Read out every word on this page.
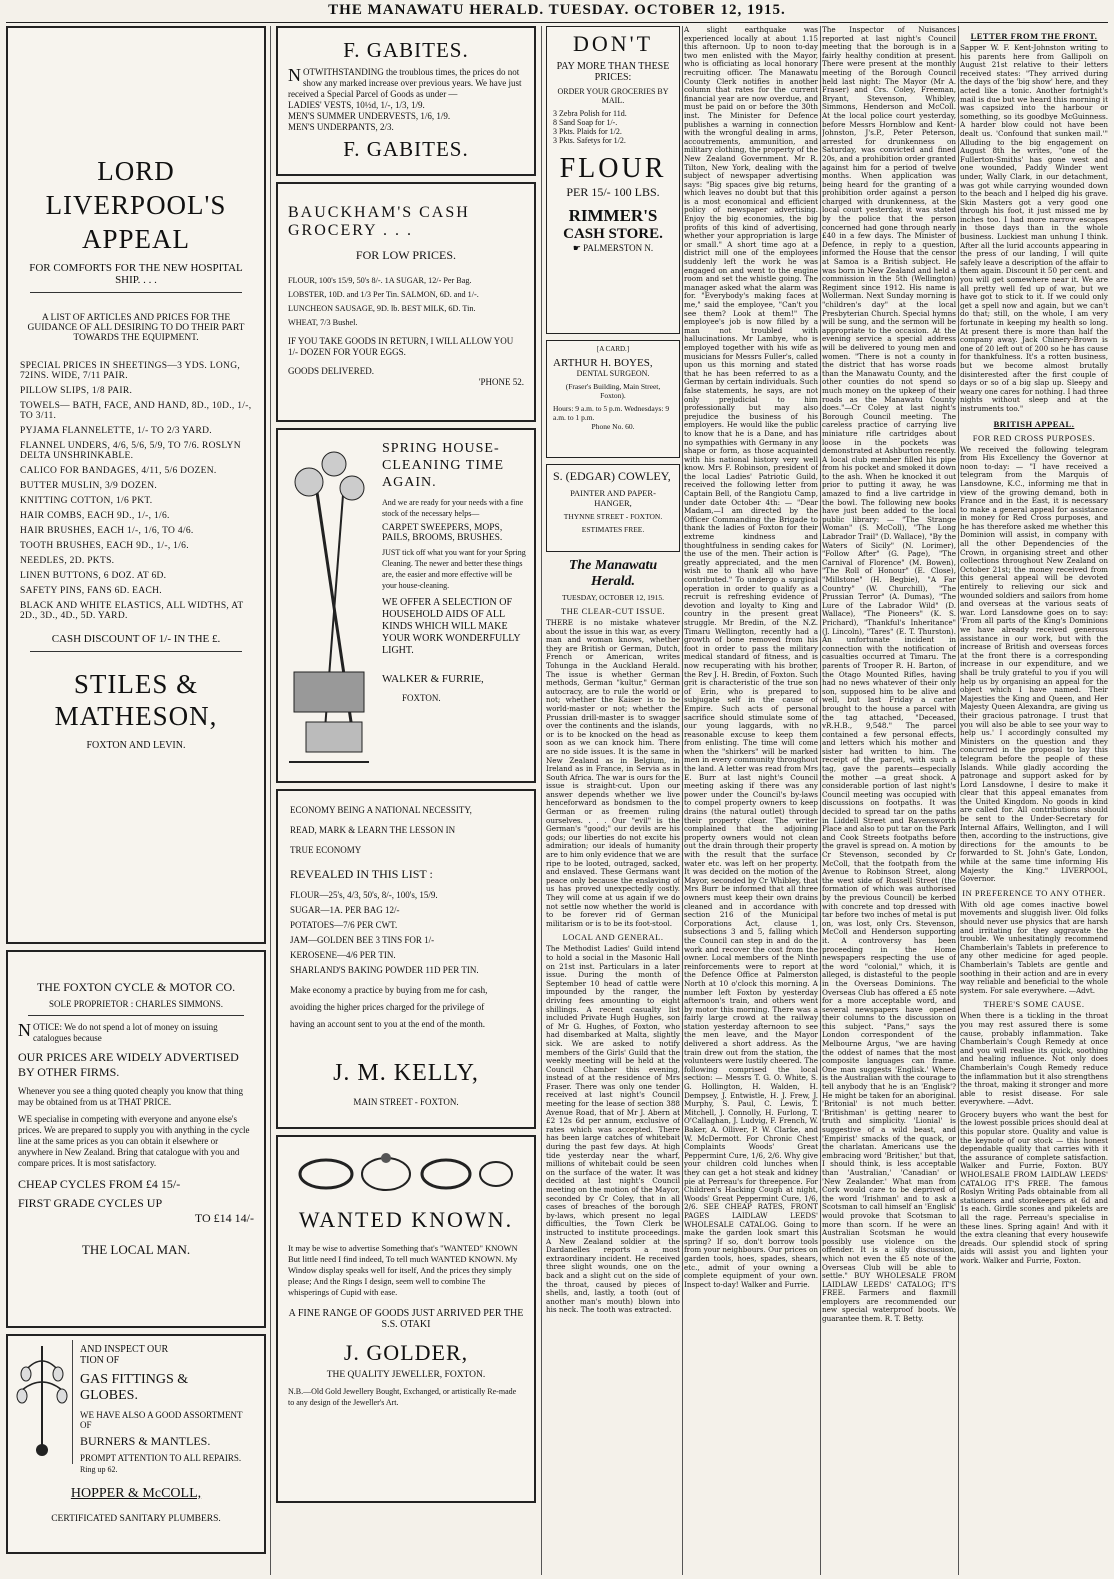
THE MANAWATU HERALD. TUESDAY. OCTOBER 12, 1915.
LORD LIVERPOOL'S APPEAL
FOR COMFORTS FOR THE NEW HOSPITAL SHIP. . . .
A LIST OF ARTICLES AND PRICES FOR THE GUIDANCE OF ALL DESIRING TO DO THEIR PART TOWARDS THE EQUIPMENT.
SPECIAL PRICES IN SHEETINGS—3 YDS. LONG, 72INS. WIDE, 7/11 PAIR.
PILLOW SLIPS, 1/8 PAIR.
TOWELS— BATH, FACE, AND HAND, 8D., 10D., 1/-, TO 3/11.
PYJAMA FLANNELETTE, 1/- TO 2/3 YARD.
FLANNEL UNDERS, 4/6, 5/6, 5/9, TO 7/6. ROSLYN DELTA UNSHRINKABLE.
CALICO FOR BANDAGES, 4/11, 5/6 DOZEN.
BUTTER MUSLIN, 3/9 DOZEN.
KNITTING COTTON, 1/6 PKT.
HAIR COMBS, EACH 9D., 1/-, 1/6.
HAIR BRUSHES, EACH 1/-, 1/6, TO 4/6.
TOOTH BRUSHES, EACH 9D., 1/-, 1/6.
NEEDLES, 2D. PKTS.
LINEN BUTTONS, 6 DOZ. AT 6D.
SAFETY PINS, FANS 6D. EACH.
BLACK AND WHITE ELASTICS, ALL WIDTHS, AT 2D., 3D., 4D., 5D. YARD.
CASH DISCOUNT OF 1/- IN THE £.
STILES & MATHESON,
FOXTON AND LEVIN.
THE FOXTON CYCLE & MOTOR CO.
SOLE PROPRIETOR : CHARLES SIMMONS.
NOTICE: We do not spend a lot of money on issuing catalogues because
OUR PRICES ARE WIDELY ADVERTISED BY OTHER FIRMS.
Whenever you see a thing quoted cheaply you know that thing may be obtained from us at THAT PRICE.
WE specialise in competing with everyone and anyone else's prices. We are prepared to supply you with anything in the cycle line at the same prices as you can obtain it elsewhere or anywhere in New Zealand. Bring that catalogue with you and compare prices. It is most satisfactory.
CHEAP CYCLES FROM £4 15/-
FIRST GRADE CYCLES UP
TO £14 14/-
THE LOCAL MAN.
AND INSPECT OUR
TION OF
GAS FITTINGS &
GLOBES.
WE HAVE ALSO A GOOD ASSORTMENT OF
BURNERS & MANTLES.
PROMPT ATTENTION TO ALL REPAIRS.
Ring up 62.
HOPPER & McCOLL,
CERTIFICATED SANITARY PLUMBERS.
F. GABITES.
NOTWITHSTANDING the troublous times, the prices do not show any marked increase over previous years. We have just received a Special Parcel of Goods as under —
LADIES' VESTS, 10½d, 1/-, 1/3, 1/9.
MEN'S SUMMER UNDERVESTS, 1/6, 1/9.
MEN'S UNDERPANTS, 2/3.
F. GABITES.
BAUCKHAM'S CASH GROCERY . . .
FOR LOW PRICES.
FLOUR, 100's 15/9, 50's 8/-. 1A SUGAR, 12/- Per Bag.
LOBSTER, 10D. and 1/3 Per Tin. SALMON, 6D. and 1/-.
LUNCHEON SAUSAGE, 9D. lb. BEST MILK, 6D. Tin.
WHEAT, 7/3 Bushel.
IF YOU TAKE GOODS IN RETURN, I WILL ALLOW YOU 1/- DOZEN FOR YOUR EGGS.
GOODS DELIVERED.
'PHONE 52.
SPRING HOUSE-CLEANING TIME AGAIN.
And we are ready for your needs with a fine stock of the necessary helps—
CARPET SWEEPERS, MOPS, PAILS, BROOMS, BRUSHES.
JUST tick off what you want for your Spring Cleaning. The newer and better these things are, the easier and more effective will be your house-cleaning.
WE OFFER A SELECTION OF HOUSEHOLD AIDS OF ALL KINDS WHICH WILL MAKE YOUR WORK WONDERFULLY LIGHT.
WALKER & FURRIE,
FOXTON.
ECONOMY BEING A NATIONAL NECESSITY,
READ, MARK & LEARN THE LESSON IN
TRUE ECONOMY
REVEALED IN THIS LIST :
FLOUR—25's, 4/3, 50's, 8/-, 100's, 15/9.
SUGAR—1A. PER BAG 12/-
POTATOES—7/6 PER CWT.
JAM—GOLDEN BEE 3 TINS FOR 1/-
KEROSENE—4/6 PER TIN.
SHARLAND'S BAKING POWDER 11D PER TIN.
Make economy a practice by buying from me for cash,
avoiding the higher prices charged for the privilege of
having an account sent to you at the end of the month.
J. M. KELLY,
MAIN STREET - FOXTON.
WANTED KNOWN.
It may be wise to advertise Something that's "WANTED" KNOWN But little need I find indeed, To tell much WANTED KNOWN. My Window display speaks well for itself, And the prices they simply please; And the Rings I design, seem well to combine The whisperings of Cupid with ease.
A FINE RANGE OF GOODS JUST ARRIVED PER THE S.S. OTAKI
J. GOLDER,
THE QUALITY JEWELLER, FOXTON.
N.B.—Old Gold Jewellery Bought, Exchanged, or artistically Re-made to any design of the Jeweller's Art.
DON'T
PAY MORE THAN THESE PRICES:
ORDER YOUR GROCERIES BY MAIL.
3 Zebra Polish for 11d.
8 Sand Soap for 1/-.
3 Pkts. Plaids for 1/2.
3 Pkts. Safetys for 1/2.
FLOUR
PER 15/- 100 LBS.
RIMMER'S
CASH STORE.
☛ PALMERSTON N.
[A CARD.]
ARTHUR H. BOYES,
DENTAL SURGEON.
(Fraser's Building, Main Street, Foxton).
Hours: 9 a.m. to 5 p.m. Wednesdays: 9 a.m. to 1 p.m.
Phone No. 60.
S. (EDGAR) COWLEY,
PAINTER AND PAPER-HANGER,
THYNNE STREET - FOXTON.
ESTIMATES FREE.
The Manawatu Herald.
TUESDAY, OCTOBER 12, 1915.
THE CLEAR-CUT ISSUE.
THERE is no mistake whatever about the issue in this war, as every man and woman knows, whether they are British or German, Dutch, French or American, writes Tohunga in the Auckland Herald. The issue is whether German methods, German "kultur," German autocracy, are to rule the world or not; whether the Kaiser is to be world-master or not; whether the Prussian drill-master is to swagger over the continents and the islands, or is to be knocked on the head as soon as we can knock him. There are no side issues. It is the same in New Zealand as in Belgium, in Ireland as in France, in Servia as in South Africa. The war is ours for the issue is straight-cut. Upon our answer depends whether we live henceforward as bondsmen to the German or as freemen ruling ourselves. . . . Our "evil" is the German's "good;" our devils are his gods; our liberties do not excite his admiration; our ideals of humanity are to him only evidence that we are ripe to be looted, outraged, sacked, and enslaved. These Germans want peace only because the enslaving of us has proved unexpectedly costly. They will come at us again if we do not settle now whether the world is to be forever rid of German militarism or is to be its foot-stool.
LOCAL AND GENERAL.
The Methodist Ladies' Guild intend to hold a social in the Masonic Hall on 21st inst. Particulars in a later issue. During the month of September 10 head of cattle were impounded by the ranger, the driving fees amounting to eight shillings. A recent casualty list included Private Hugh Hughes, son of Mr G. Hughes, of Foxton, who had disembarked at Malta, slightly sick. We are asked to notify members of the Girls' Guild that the weekly meeting will be held at the Council Chamber this evening, instead of at the residence of Mrs Fraser. There was only one tender received at last night's Council meeting for the lease of section 388 Avenue Road, that of Mr J. Abern at £2 12s 6d per annum, exclusive of rates which was accepted. There has been large catches of whitebait during the past few days. At high tide yesterday near the wharf, millions of whitebait could be seen on the surface of the water. It was decided at last night's Council meeting on the motion of the Mayor, seconded by Cr Coley, that in all cases of breaches of the borough by-laws, which present no legal difficulties, the Town Clerk be instructed to institute proceedings. A New Zealand soldier at the Dardanelles reports a most extraordinary incident. He received three slight wounds, one on the back and a slight cut on the side of the throat, caused by pieces of shells, and, lastly, a tooth (out of another man's mouth) blown into his neck. The tooth was extracted.
A slight earthquake was experienced locally at about 1.15 this afternoon. Up to noon to-day two men enlisted with the Mayor, who is officiating as local honorary recruiting officer. The Manawatu County Clerk notifies in another column that rates for the current financial year are now overdue, and must be paid on or before the 30th inst. The Minister for Defence publishes a warning in connection with the wrongful dealing in arms, accoutrements, ammunition, and military clothing, the property of the New Zealand Government. Mr R. Tilton, New York, dealing with the subject of newspaper advertising says: "Big spaces give big returns, which leaves no doubt but that this is a most economical and efficient policy of newspaper advertising. Enjoy the big economies, the big profits of this kind of advertising, whether your appropriation is large or small." A short time ago at a district mill one of the employees suddenly left the work he was engaged on and went to the engine room and set the whistle going. The manager asked what the alarm was for. "Everybody's making faces at me," said the employee, "Can't you see them? Look at them!" The employee's job is now filled by a man not troubled with hallucinations. Mr Lambye, who is employed together with his wife as musicians for Messrs Fuller's, called upon us this morning and stated that he has been referred to as a German by certain individuals. Such false statements, he says, are not only prejudicial to him professionally but may also prejudice the business of his employers. He would like the public to know that he is a Dane, and has no sympathies with Germany in any shape or form, as those acquainted with his national history very well know. Mrs F. Robinson, president of the local Ladies' Patriotic Guild, received the following letter from Captain Bell, of the Rangiotu Camp, under date October 4th: — "Dear Madam,—I am directed by the Officer Commanding the Brigade to thank the ladies of Foxton for their extreme kindness and thoughtfulness in sending cakes for the use of the men. Their action is greatly appreciated, and the men wish me to thank all who have contributed." To undergo a surgical operation in order to qualify as a recruit is refreshing evidence of devotion and loyalty to King and country in the present great struggle. Mr Bredin, of the N.Z. Timaru Wellington, recently had a growth of bone removed from his foot in order to pass the military medical standard of fitness, and is now recuperating with his brother, the Rev J. H. Bredin, of Foxton. Such grit is characteristic of the true son of Erin, who is prepared to subjugate self in the cause of Empire. Such acts of personal sacrifice should stimulate some of our young laggards, with no reasonable excuse to keep them from enlisting. The time will come when the "shirkers" will be marked men in every community throughout the land. A letter was read from Mrs E. Burr at last night's Council meeting asking if there was any power under the Council's by-laws to compel property owners to keep drains (the natural outlet) through their property clear. The writer complained that the adjoining property owners would not clean out the drain through their property with the result that the surface water etc. was left on her property. It was decided on the motion of the Mayor, seconded by Cr Whibley, that Mrs Burr be informed that all three owners must keep their own drains cleaned and in accordance with section 216 of the Municipal Corporations Act, clause 1, subsections 3 and 5, falling which the Council can step in and do the work and recover the cost from the owner. Local members of the Ninth reinforcements were to report at the Defence Office at Palmerston North at 10 o'clock this morning. A number left Foxton by yesterday afternoon's train, and others went by motor this morning. There was a fairly large crowd at the railway station yesterday afternoon to see the men leave, and the Mayor delivered a short address. As the train drew out from the station, the volunteers were lustily cheered. The following comprised the local section: — Messrs T. G. O. White, S. G. Hollington, H. Walden, H. Dempsey, J. Entwistle, H. J. Frew, J. Murphy, S. Paul, C. Lewis, T. Mitchell, J. Connolly, H. Furlong, T. O'Callaghan, J. Ludvig, F. French, W. Baker, A. Olliver, P. W. Clarke, and W. McDermott. For Chronic Chest Complaints Woods' Great Peppermint Cure, 1/6, 2/6. Why give your children cold lunches when they can get a hot steak and kidney pie at Perreau's for threepence. For Children's Hacking Cough at night, Woods' Great Peppermint Cure, 1/6, 2/6. SEE CHEAP RATES, FRONT PAGES LAIDLAW LEEDS' WHOLESALE CATALOG. Going to make the garden look smart this spring? If so, don't borrow tools from your neighbours. Our prices on garden tools, hoes, spades, shears, etc., admit of your owning a complete equipment of your own. Inspect to-day! Walker and Furrie.
The Inspector of Nuisances reported at last night's Council meeting that the borough is in a fairly healthy condition at present. There were present at the monthly meeting of the Borough Council held last night: The Mayor (Mr A. Fraser) and Crs. Coley, Freeman, Bryant, Stevenson, Whibley, Simmons, Henderson and McColl. At the local police court yesterday, before Messrs Hornblow and Kent-Johnston, J's.P., Peter Peterson, arrested for drunkenness on Saturday, was convicted and fined 20s, and a prohibition order granted against him for a period of twelve months. When application was being heard for the granting of a prohibition order against a person charged with drunkenness, at the local court yesterday, it was stated by the police that the person concerned had gone through nearly £40 in a few days. The Minister of Defence, in reply to a question, informed the House that the censor at Samoa is a British subject. He was born in New Zealand and held a commission in the 5th (Wellington) Regiment since 1912. His name is Wollerman. Next Sunday morning is "children's day" at the local Presbyterian Church. Special hymns will be sung, and the sermon will be appropriate to the occasion. At the evening service a special address will be delivered to young men and women. "There is not a county in the district that has worse roads than the Manawatu County, and the other counties do not spend so much money on the upkeep of their roads as the Manawatu County does."—Cr Coley at last night's Borough Council meeting. The careless practice of carrying live miniature rifle cartridges about loose in the pockets was demonstrated at Ashburton recently. A local club member filled his pipe from his pocket and smoked it down to the ash. When he knocked it out prior to putting it away, he was amazed to find a live cartridge in the bowl. The following new books have just been added to the local public library: — "The Strange Woman" (S. McColl), "The Long Labrador Trail" (D. Wallace), "By the Waters of Sicily" (N. Lorimer), "Follow After" (G. Page), "The Carnival of Florence" (M. Bowen), "The Roll of Honour" (E. Close), "Millstone" (H. Begbie), "A Far Country" (W. Churchill), "The Prussian Terror" (A. Dumas), "The Lure of the Labrador Wild" (D. Wallace), "The Pioneers" (K. S. Prichard), "Thankful's Inheritance" (J. Lincoln), "Tares" (E. T. Thurston). An unfortunate incident in connection with the notification of casualties occurred at Timaru. The parents of Trooper R. H. Barton, of the Otago Mounted Rifles, having had no news whatever of their only son, supposed him to be alive and well, but last Friday a carter brought to the house a parcel with the tag attached, "Deceased, vR.H.B., 9,548." The parcel contained a few personal effects, and letters which his mother and sister had written to him. The receipt of the parcel, with such a tag, gave the parents—especially the mother —a great shock. A considerable portion of last night's Council meeting was occupied with discussions on footpaths. It was decided to spread tar on the paths in Liddell Street and Ravensworth Place and also to put tar on the Park and Cook Streets footpaths before the gravel is spread on. A motion by Cr Stevenson, seconded by Cr McColl, that the footpath from the Avenue to Robinson Street, along the west side of Russell Street (the formation of which was authorised by the previous Council) be kerbed with concrete and top dressed with tar before two inches of metal is put on, was lost, only Crs. Stevenson, McColl and Henderson supporting it. A controversy has been proceeding in the Home newspapers respecting the use of the word "colonial," which, it is alleged, is distasteful to the people in the Overseas Dominions. The Overseas Club has offered a £5 note for a more acceptable word, and several newspapers have opened their columns to the discussion on this subject. "Pans," says the London correspondent of the Melbourne Argus, "we are having the oddest of names that the most composite languages can frame. One man suggests 'Englisk.' Where is the Australian with the courage to tell anybody that he is an 'Englisk'? He might be taken for an aboriginal. 'Britonial' is not much better. 'Britishman' is getting nearer to truth and simplicity. 'Lionial' is suggestive of a wild beast, and 'Empirist' smacks of the quack, or the charlatan. Americans use the embracing word 'Britisher,' but that, I should think, is less acceptable than 'Australian,' 'Canadian' or 'New Zealander.' What man from Cork would care to be deprived of the word 'Irishman' and to ask a Scotsman to call himself an 'Englisk' would provoke that Scotsman to more than scorn. If he were an Australian Scotsman he would possibly use violence on the offender. It is a silly discussion, which not even the £5 note of the Overseas Club will be able to settle." BUY WHOLESALE FROM LAIDLAW LEEDS' CATALOG; IT'S FREE. Farmers and flaxmill employers are recommended our new special waterproof boots. We guarantee them. R. T. Betty.
LETTER FROM THE FRONT.
Sapper W. F. Kent-Johnston writing to his parents here from Gallipoli on August 21st relative to their letters received states: "They arrived during the days of the 'big show' here, and they acted like a tonic. Another fortnight's mail is due but we heard this morning it was capsized into the harbour or something, so its goodbye McGuinness. A harder blow could not have been dealt us. 'Confound that sunken mail.'" Alluding to the big engagement on August 8th he writes, "one of the Fullerton-Smiths' has gone west and one wounded, Paddy Winder went under, Wally Clark, in our detachment, was got while carrying wounded down to the beach and I helped dig his grave. Skin Masters got a very good one through his foot, it just missed me by inches too. I had more narrow escapes in those days than in the whole business. Luckiest man unhung I think. After all the lurid accounts appearing in the press of our landing, I will quite safely leave a description of the affair to them again. Discount it 50 per cent. and you will get somewhere near it. We are all pretty well fed up of war, but we have got to stick to it. If we could only get a spell now and again, but we can't do that; still, on the whole, I am very fortunate in keeping my health so long. At present there is more than half the company away. Jack Chinery-Brown is one of 20 left out of 200 so he has cause for thankfulness. It's a rotten business, but we become almost brutally disinterested after the first couple of days or so of a big slap up. Sleepy and weary one cares for nothing. I had three nights without sleep and at the instruments too."
BRITISH APPEAL.
FOR RED CROSS PURPOSES.
We received the following telegram from His Excellency the Governor at noon to-day: — "I have received a telegram from the Marquis of Lansdowne, K.C., informing me that in view of the growing demand, both in France and in the East, it is necessary to make a general appeal for assistance in money for Red Cross purposes, and he has therefore asked me whether this Dominion will assist, in company with all the other Dependencies of the Crown, in organising street and other collections throughout New Zealand on October 21st; the money received from this general appeal will be devoted entirely to relieving our sick and wounded soldiers and sailors from home and overseas at the various seats of war. Lord Lansdowne goes on to say: 'From all parts of the King's Dominions we have already received generous assistance in our work, but with the increase of British and overseas forces at the front there is a corresponding increase in our expenditure, and we shall be truly grateful to you if you will help us by organising an appeal for the object which I have named. Their Majesties the King and Queen, and Her Majesty Queen Alexandra, are giving us their gracious patronage. I trust that you will also be able to see your way to help us.' I accordingly consulted my Ministers on the question and they concurred in the proposal to lay this telegram before the people of these Islands. While gladly according the patronage and support asked for by Lord Lansdowne, I desire to make it clear that this appeal emanates from the United Kingdom. No goods in kind are called for. All contributions should be sent to the Under-Secretary for Internal Affairs, Wellington, and I will then, according to the instructions, give directions for the amounts to be forwarded to St. John's Gate, London, while at the same time informing His Majesty the King." LIVERPOOL, Governor.
IN PREFERENCE TO ANY OTHER.
With old age comes inactive bowel movements and sluggish liver. Old folks should never use physics that are harsh and irritating for they aggravate the trouble. We unhesitatingly recommend Chamberlain's Tablets in preference to any other medicine for aged people. Chamberlain's Tablets are gentle and soothing in their action and are in every way reliable and beneficial to the whole system. For sale everywhere. —Advt.
THERE'S SOME CAUSE.
When there is a tickling in the throat you may rest assured there is some cause, probably inflammation. Take Chamberlain's Cough Remedy at once and you will realise its quick, soothing and healing influence. Not only does Chamberlain's Cough Remedy reduce the inflammation but it also strengthens the throat, making it stronger and more able to resist disease. For sale everywhere. —Advt.
Grocery buyers who want the best for the lowest possible prices should deal at this popular store. Quality and value is the keynote of our stock — this honest dependable quality that carries with it the assurance of complete satisfaction. Walker and Furrie, Foxton. BUY WHOLESALE FROM LAIDLAW LEEDS' CATALOG IT'S FREE. The famous Roslyn Writing Pads obtainable from all stationers and storekeepers at 6d and 1s each. Girdle scones and pikelets are all the rage. Perreau's specialise in these lines. Spring again! And with it the extra cleaning that every housewife dreads. Our splendid stock of spring aids will assist you and lighten your work. Walker and Furrie, Foxton.
